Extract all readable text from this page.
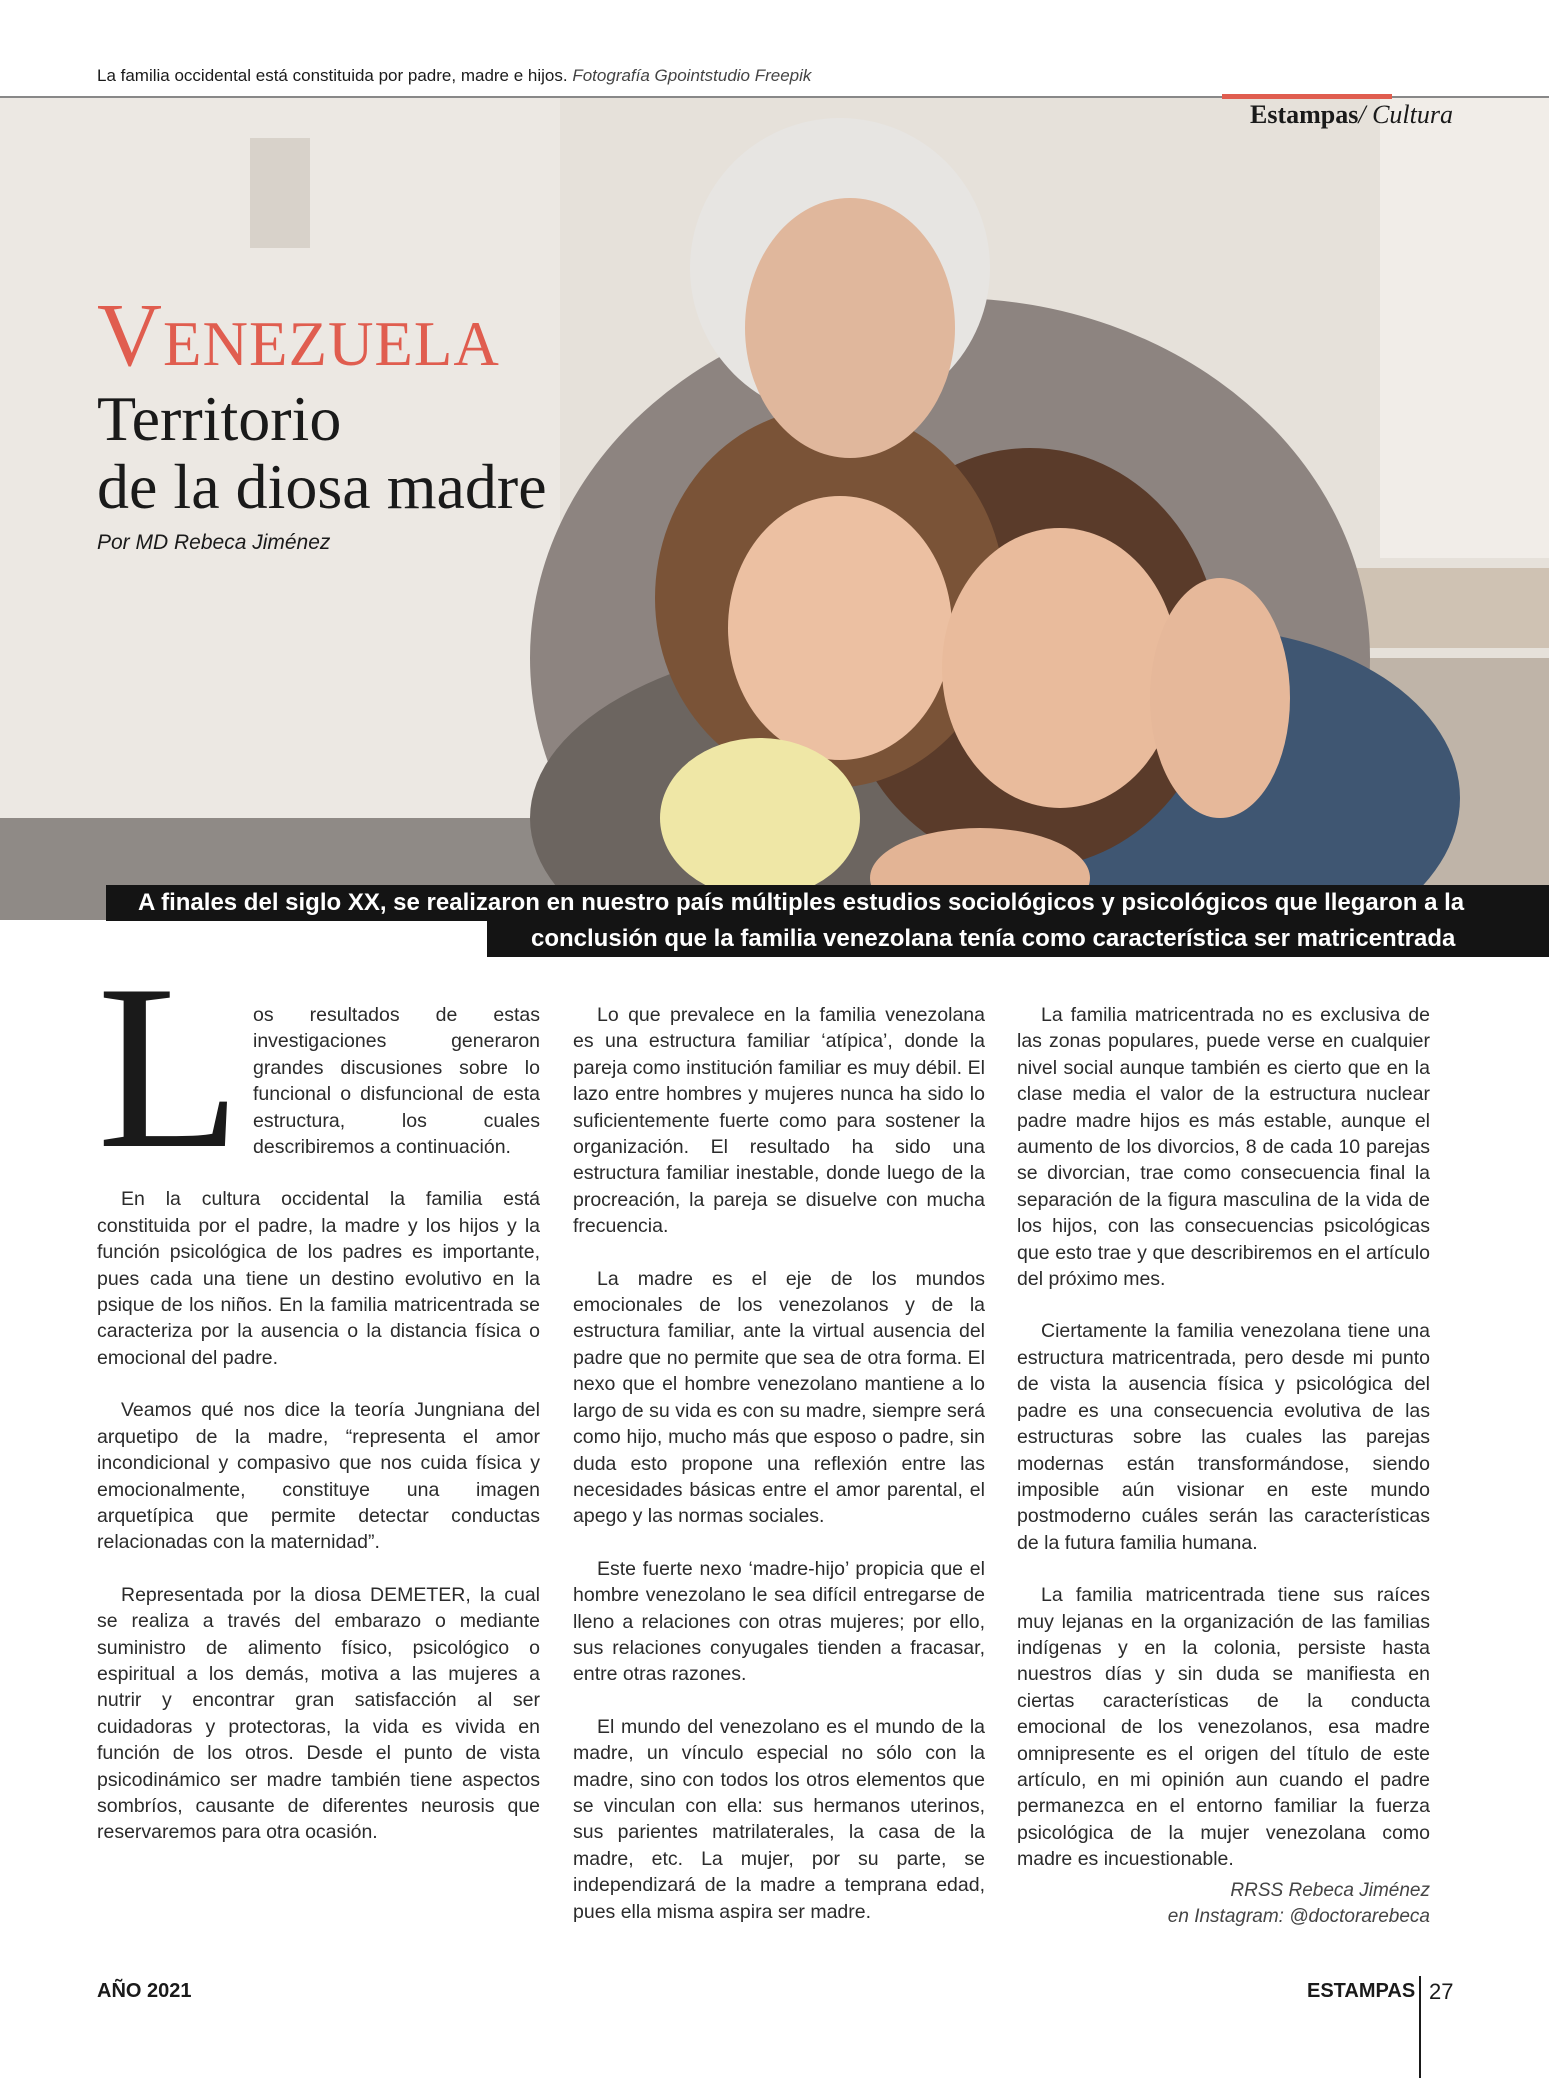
La familia occidental está constituida por padre, madre e hijos. Fotografía Gpointstudio Freepik
Estampas/ Cultura
Venezuela
Territorio
de la diosa madre
Por MD Rebeca Jiménez
A finales del siglo XX, se realizaron en nuestro país múltiples estudios sociológicos y psicológicos que llegaron a la
conclusión que la familia venezolana tenía como característica ser matricentrada
L os resultados de estas investigaciones generaron grandes discusiones sobre lo funcional o disfuncional de esta estructura, los cuales describiremos a continuación.

En la cultura occidental la familia está constituida por el padre, la madre y los hijos y la función psicológica de los padres es importante, pues cada una tiene un destino evolutivo en la psique de los niños. En la familia matricentrada se caracteriza por la ausencia o la distancia física o emocional del padre.

Veamos qué nos dice la teoría Jungniana del arquetipo de la madre, “representa el amor incondicional y compasivo que nos cuida física y emocionalmente, constituye una imagen arquetípica que permite detectar conductas relacionadas con la maternidad”.

Representada por la diosa DEMETER, la cual se realiza a través del embarazo o mediante suministro de alimento físico, psicológico o espiritual a los demás, motiva a las mujeres a nutrir y encontrar gran satisfacción al ser cuidadoras y protectoras, la vida es vivida en función de los otros. Desde el punto de vista psicodinámico ser madre también tiene aspectos sombríos, causante de diferentes neurosis que reservaremos para otra ocasión.

Lo que prevalece en la familia venezolana es una estructura familiar ‘atípica’, donde la pareja como institución familiar es muy débil. El lazo entre hombres y mujeres nunca ha sido lo suficientemente fuerte como para sostener la organización. El resultado ha sido una estructura familiar inestable, donde luego de la procreación, la pareja se disuelve con mucha frecuencia.

La madre es el eje de los mundos emocionales de los venezolanos y de la estructura familiar, ante la virtual ausencia del padre que no permite que sea de otra forma. El nexo que el hombre venezolano mantiene a lo largo de su vida es con su madre, siempre será como hijo, mucho más que esposo o padre, sin duda esto propone una reflexión entre las necesidades básicas entre el amor parental, el apego y las normas sociales.

Este fuerte nexo ‘madre-hijo’ propicia que el hombre venezolano le sea difícil entregarse de lleno a relaciones con otras mujeres; por ello, sus relaciones conyugales tienden a fracasar, entre otras razones.

El mundo del venezolano es el mundo de la madre, un vínculo especial no sólo con la madre, sino con todos los otros elementos que se vinculan con ella: sus hermanos uterinos, sus parientes matrilaterales, la casa de la madre, etc. La mujer, por su parte, se independizará de la madre a temprana edad, pues ella misma aspira ser madre.

La familia matricentrada no es exclusiva de las zonas populares, puede verse en cualquier nivel social aunque también es cierto que en la clase media el valor de la estructura nuclear padre madre hijos es más estable, aunque el aumento de los divorcios, 8 de cada 10 parejas se divorcian, trae como consecuencia final la separación de la figura masculina de la vida de los hijos, con las consecuencias psicológicas que esto trae y que describiremos en el artículo del próximo mes.

Ciertamente la familia venezolana tiene una estructura matricentrada, pero desde mi punto de vista la ausencia física y psicológica del padre es una consecuencia evolutiva de las estructuras sobre las cuales las parejas modernas están transformándose, siendo imposible aún visionar en este mundo postmoderno cuáles serán las características de la futura familia humana.

La familia matricentrada tiene sus raíces muy lejanas en la organización de las familias indígenas y en la colonia, persiste hasta nuestros días y sin duda se manifiesta en ciertas características de la conducta emocional de los venezolanos, esa madre omnipresente es el origen del título de este artículo, en mi opinión aun cuando el padre permanezca en el entorno familiar la fuerza psicológica de la mujer venezolana como madre es incuestionable.

RRSS Rebeca Jiménez
en Instagram: @doctorarebeca
AÑO 2021	ESTAMPAS 27
